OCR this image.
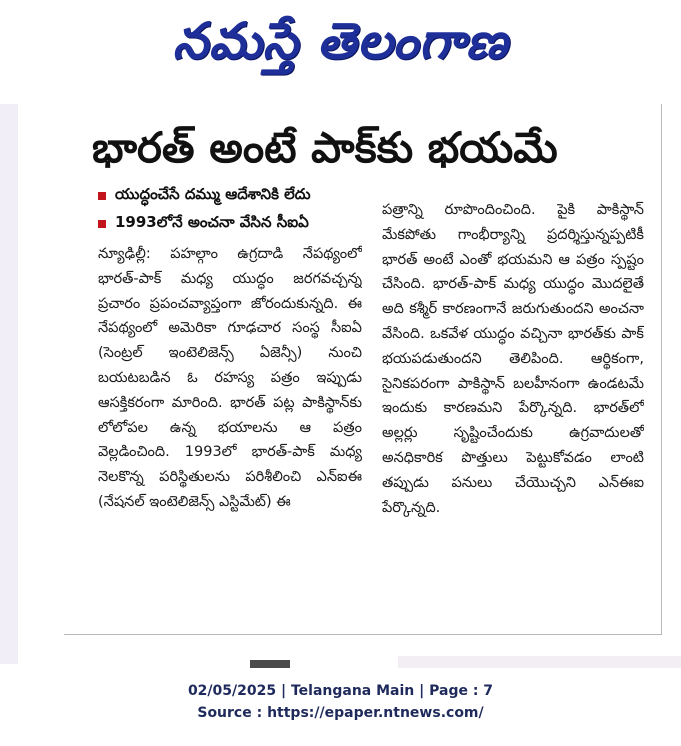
నమస్తే తెలంగాణ
భారత్ అంటే పాక్‌కు భయమే
యుద్ధంచేసే దమ్ము ఆదేశానికి లేదు
1993లోనే అంచనా వేసిన సీఐఏ

న్యూఢిల్లీ: పహల్గాం ఉగ్రదాడి నేపథ్యంలో భారత్-పాక్ మధ్య యుద్ధం జరగవచ్చన్న ప్రచారం ప్రపంచవ్యాప్తంగా జోరందుకున్నది. ఈ నేపథ్యంలో అమెరికా గూఢచార సంస్థ సీఐఏ (సెంట్రల్ ఇంటెలిజెన్స్ ఏజెన్సీ) నుంచి బయటబడిన ఓ రహస్య పత్రం ఇప్పుడు ఆసక్తికరంగా మారింది. భారత్ పట్ల పాకిస్థాన్‌కు లోలోపల ఉన్న భయాలను ఆ పత్రం వెల్లడించింది. 1993లో భారత్-పాక్ మధ్య నెలకొన్న పరిస్థితులను పరిశీలించి ఎన్ఐఈ (నేషనల్ ఇంటెలిజెన్స్ ఎస్టిమేట్) ఈ

పత్రాన్ని రూపొందించింది. పైకి పాకిస్థాన్ మేకపోతు గాంభీర్యాన్ని ప్రదర్శిస్తున్నప్పటికీ భారత్ అంటే ఎంతో భయమని ఆ పత్రం స్పష్టం చేసింది. భారత్-పాక్ మధ్య యుద్ధం మొదలైతే అది కశ్మీర్ కారణంగానే జరుగుతుందని అంచనా వేసింది. ఒకవేళ యుద్ధం వచ్చినా భారత్‌కు పాక్ భయపడుతుందని తెలిపింది. ఆర్థికంగా, సైనికపరంగా పాకిస్థాన్ బలహీనంగా ఉండటమే ఇందుకు కారణమని పేర్కొన్నది. భారత్‌లో అల్లర్లు సృష్టించేందుకు ఉగ్రవాదులతో అనధికారిక పొత్తులు పెట్టుకోవడం లాంటి తప్పుడు పనులు చేయొచ్చని ఎన్ఈఐ పేర్కొన్నది.

02/05/2025 | Telangana Main | Page : 7
Source : https://epaper.ntnews.com/
